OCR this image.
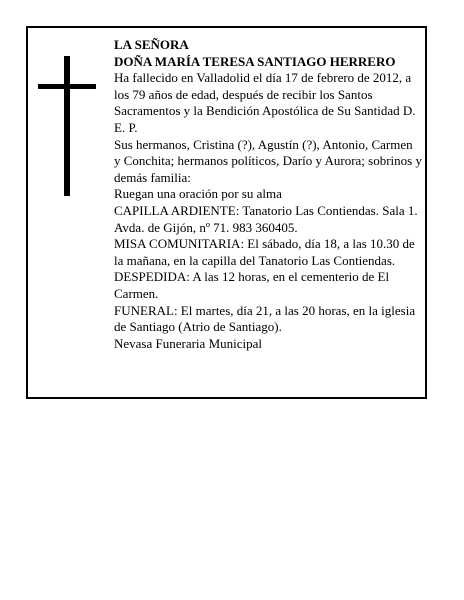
LA SEÑORA

DOÑA MARÍA TERESA SANTIAGO HERRERO

Ha fallecido en Valladolid el día 17 de febrero de 2012, a los 79 años de edad, después de recibir los Santos Sacramentos y la Bendición Apostólica de Su Santidad D. E. P.

Sus hermanos, Cristina (?), Agustín (?), Antonio, Carmen y Conchita; hermanos políticos, Darío y Aurora; sobrinos y demás familia:

Ruegan una oración por su alma

CAPILLA ARDIENTE: Tanatorio Las Contiendas. Sala 1. Avda. de Gijón, nº 71. 983 360405.

MISA COMUNITARIA: El sábado, día 18, a las 10.30 de la mañana, en la capilla del Tanatorio Las Contiendas.

DESPEDIDA: A las 12 horas, en el cementerio de El Carmen.

FUNERAL: El martes, día 21, a las 20 horas, en la iglesia de Santiago (Atrio de Santiago).

Nevasa Funeraria Municipal
